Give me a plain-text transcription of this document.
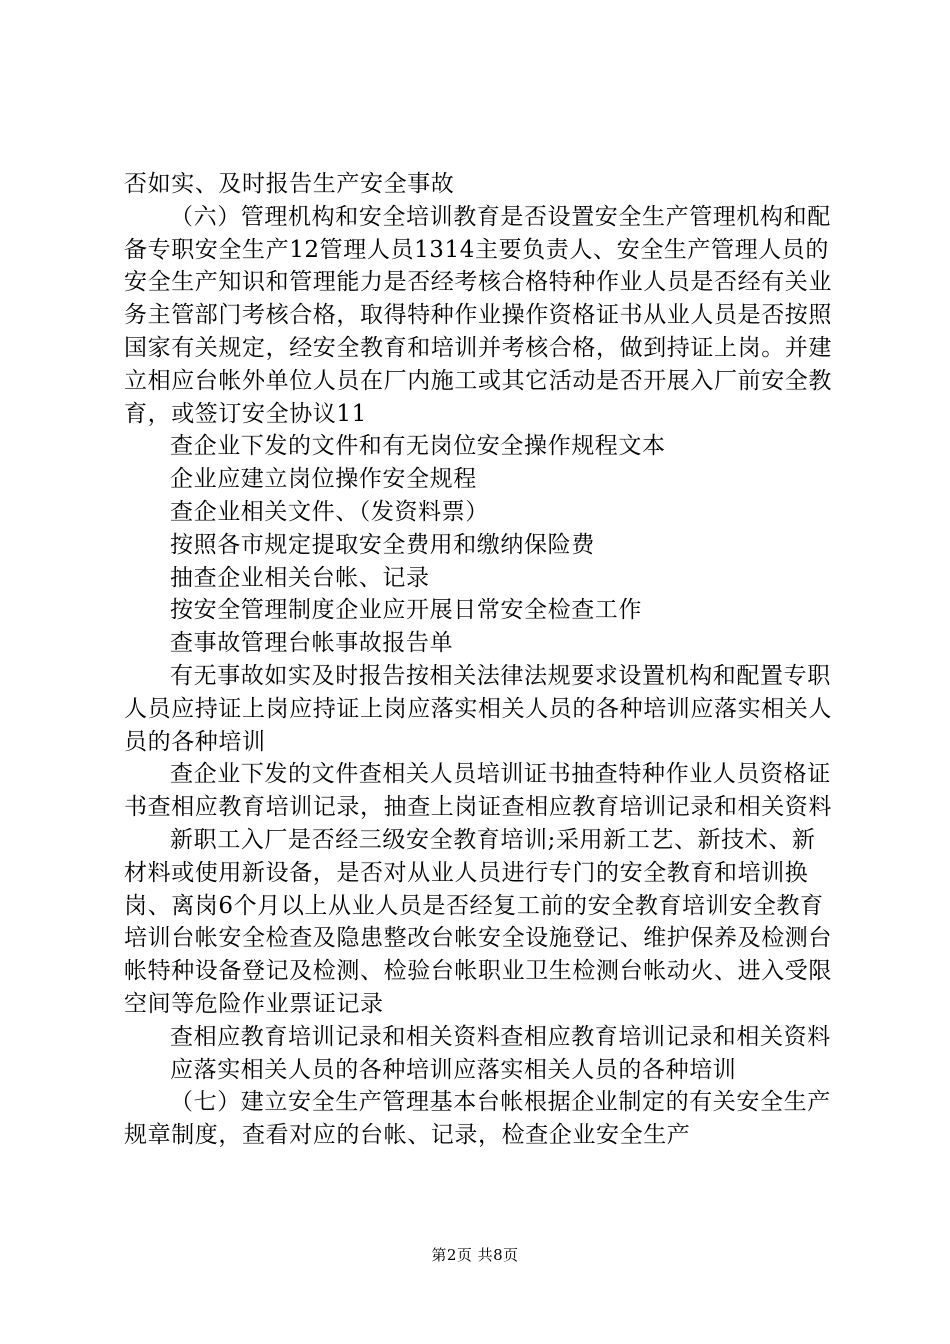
否如实、及时报告生产安全事故

（六）管理机构和安全培训教育是否设置安全生产管理机构和配备专职安全生产12管理人员1314主要负责人、安全生产管理人员的安全生产知识和管理能力是否经考核合格特种作业人员是否经有关业务主管部门考核合格，取得特种作业操作资格证书从业人员是否按照国家有关规定，经安全教育和培训并考核合格，做到持证上岗。并建立相应台帐外单位人员在厂内施工或其它活动是否开展入厂前安全教育，或签订安全协议11

查企业下发的文件和有无岗位安全操作规程文本

企业应建立岗位操作安全规程

查企业相关文件、（发资料票）

按照各市规定提取安全费用和缴纳保险费

抽查企业相关台帐、记录

按安全管理制度企业应开展日常安全检查工作

查事故管理台帐事故报告单

有无事故如实及时报告按相关法律法规要求设置机构和配置专职人员应持证上岗应持证上岗应落实相关人员的各种培训应落实相关人员的各种培训

查企业下发的文件查相关人员培训证书抽查特种作业人员资格证书查相应教育培训记录，抽查上岗证查相应教育培训记录和相关资料

新职工入厂是否经三级安全教育培训;采用新工艺、新技术、新材料或使用新设备，是否对从业人员进行专门的安全教育和培训换岗、离岗6个月以上从业人员是否经复工前的安全教育培训安全教育培训台帐安全检查及隐患整改台帐安全设施登记、维护保养及检测台帐特种设备登记及检测、检验台帐职业卫生检测台帐动火、进入受限空间等危险作业票证记录

查相应教育培训记录和相关资料查相应教育培训记录和相关资料

应落实相关人员的各种培训应落实相关人员的各种培训

（七）建立安全生产管理基本台帐根据企业制定的有关安全生产规章制度，查看对应的台帐、记录，检查企业安全生产

第2页 共8页
